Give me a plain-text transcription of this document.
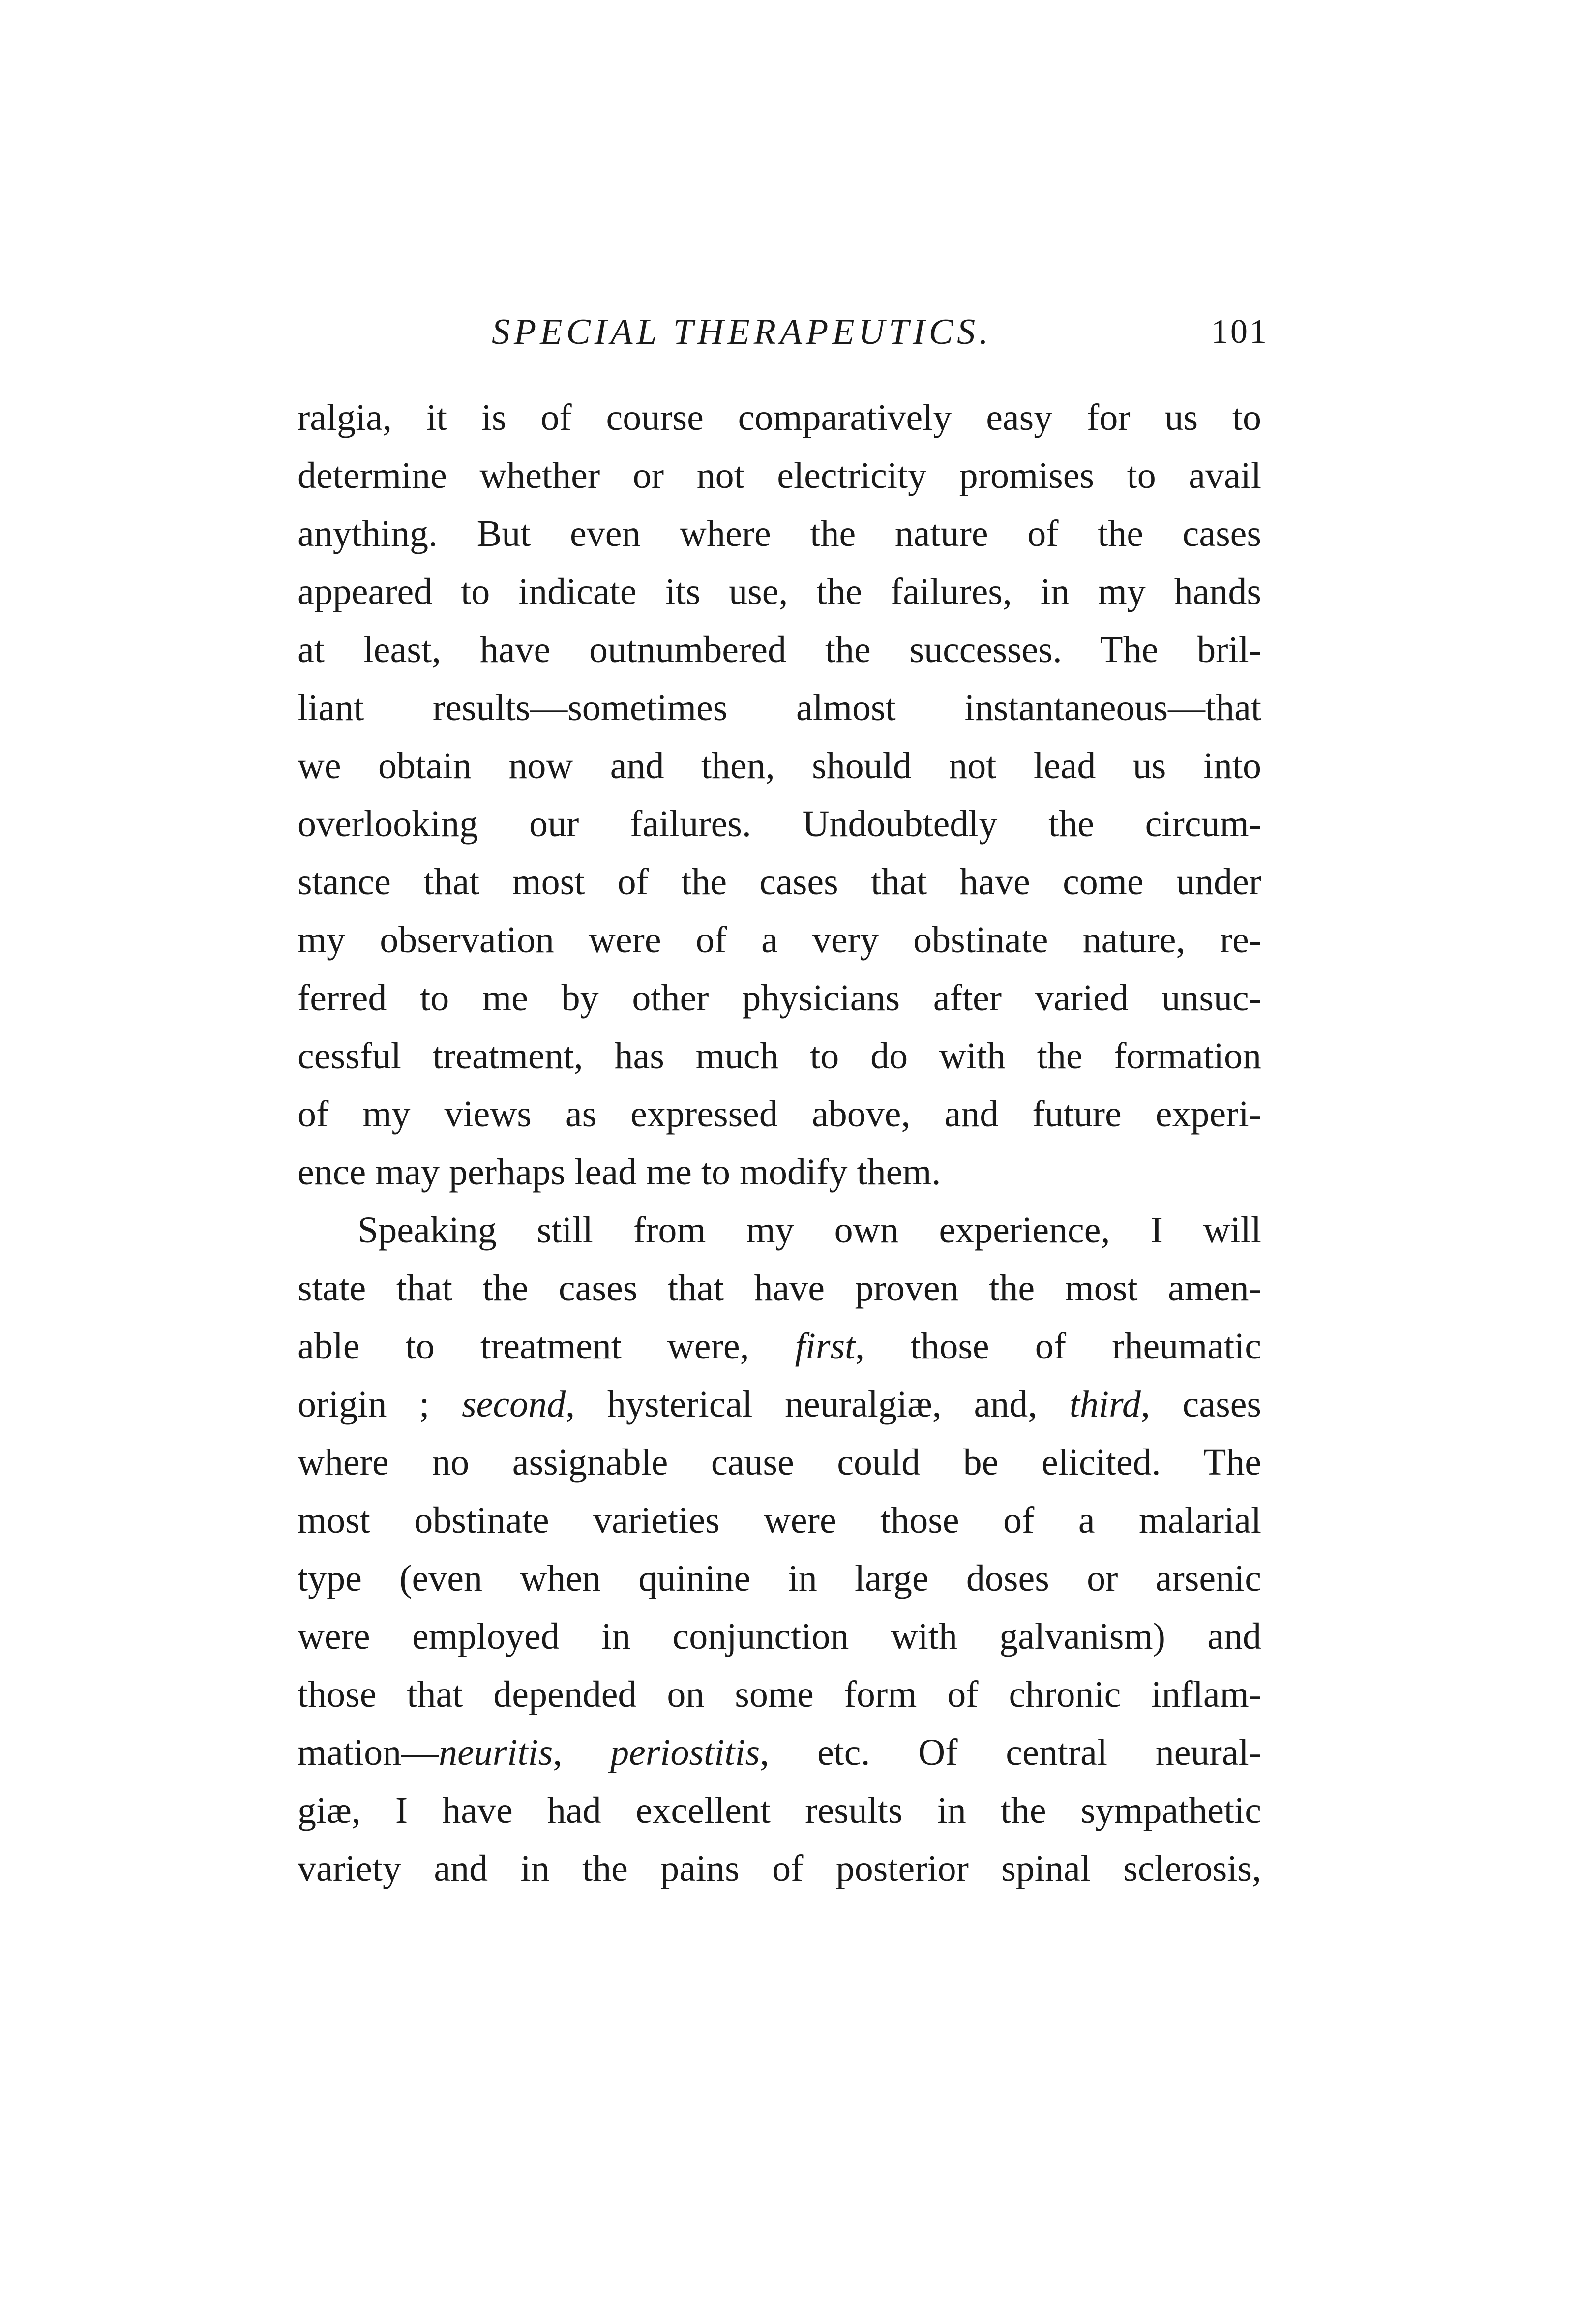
SPECIAL THERAPEUTICS.	101
ralgia, it is of course comparatively easy for us to
determine whether or not electricity promises to avail
anything. But even where the nature of the cases
appeared to indicate its use, the failures, in my hands
at least, have outnumbered the successes. The bril-
liant results—sometimes almost instantaneous—that
we obtain now and then, should not lead us into
overlooking our failures. Undoubtedly the circum-
stance that most of the cases that have come under
my observation were of a very obstinate nature, re-
ferred to me by other physicians after varied unsuc-
cessful treatment, has much to do with the formation
of my views as expressed above, and future experi-
ence may perhaps lead me to modify them.
Speaking still from my own experience, I will
state that the cases that have proven the most amen-
able to treatment were, first, those of rheumatic
origin ; second, hysterical neuralgiæ, and, third, cases
where no assignable cause could be elicited. The
most obstinate varieties were those of a malarial
type (even when quinine in large doses or arsenic
were employed in conjunction with galvanism) and
those that depended on some form of chronic inflam-
mation—neuritis, periostitis, etc. Of central neural-
giæ, I have had excellent results in the sympathetic
variety and in the pains of posterior spinal sclerosis,
